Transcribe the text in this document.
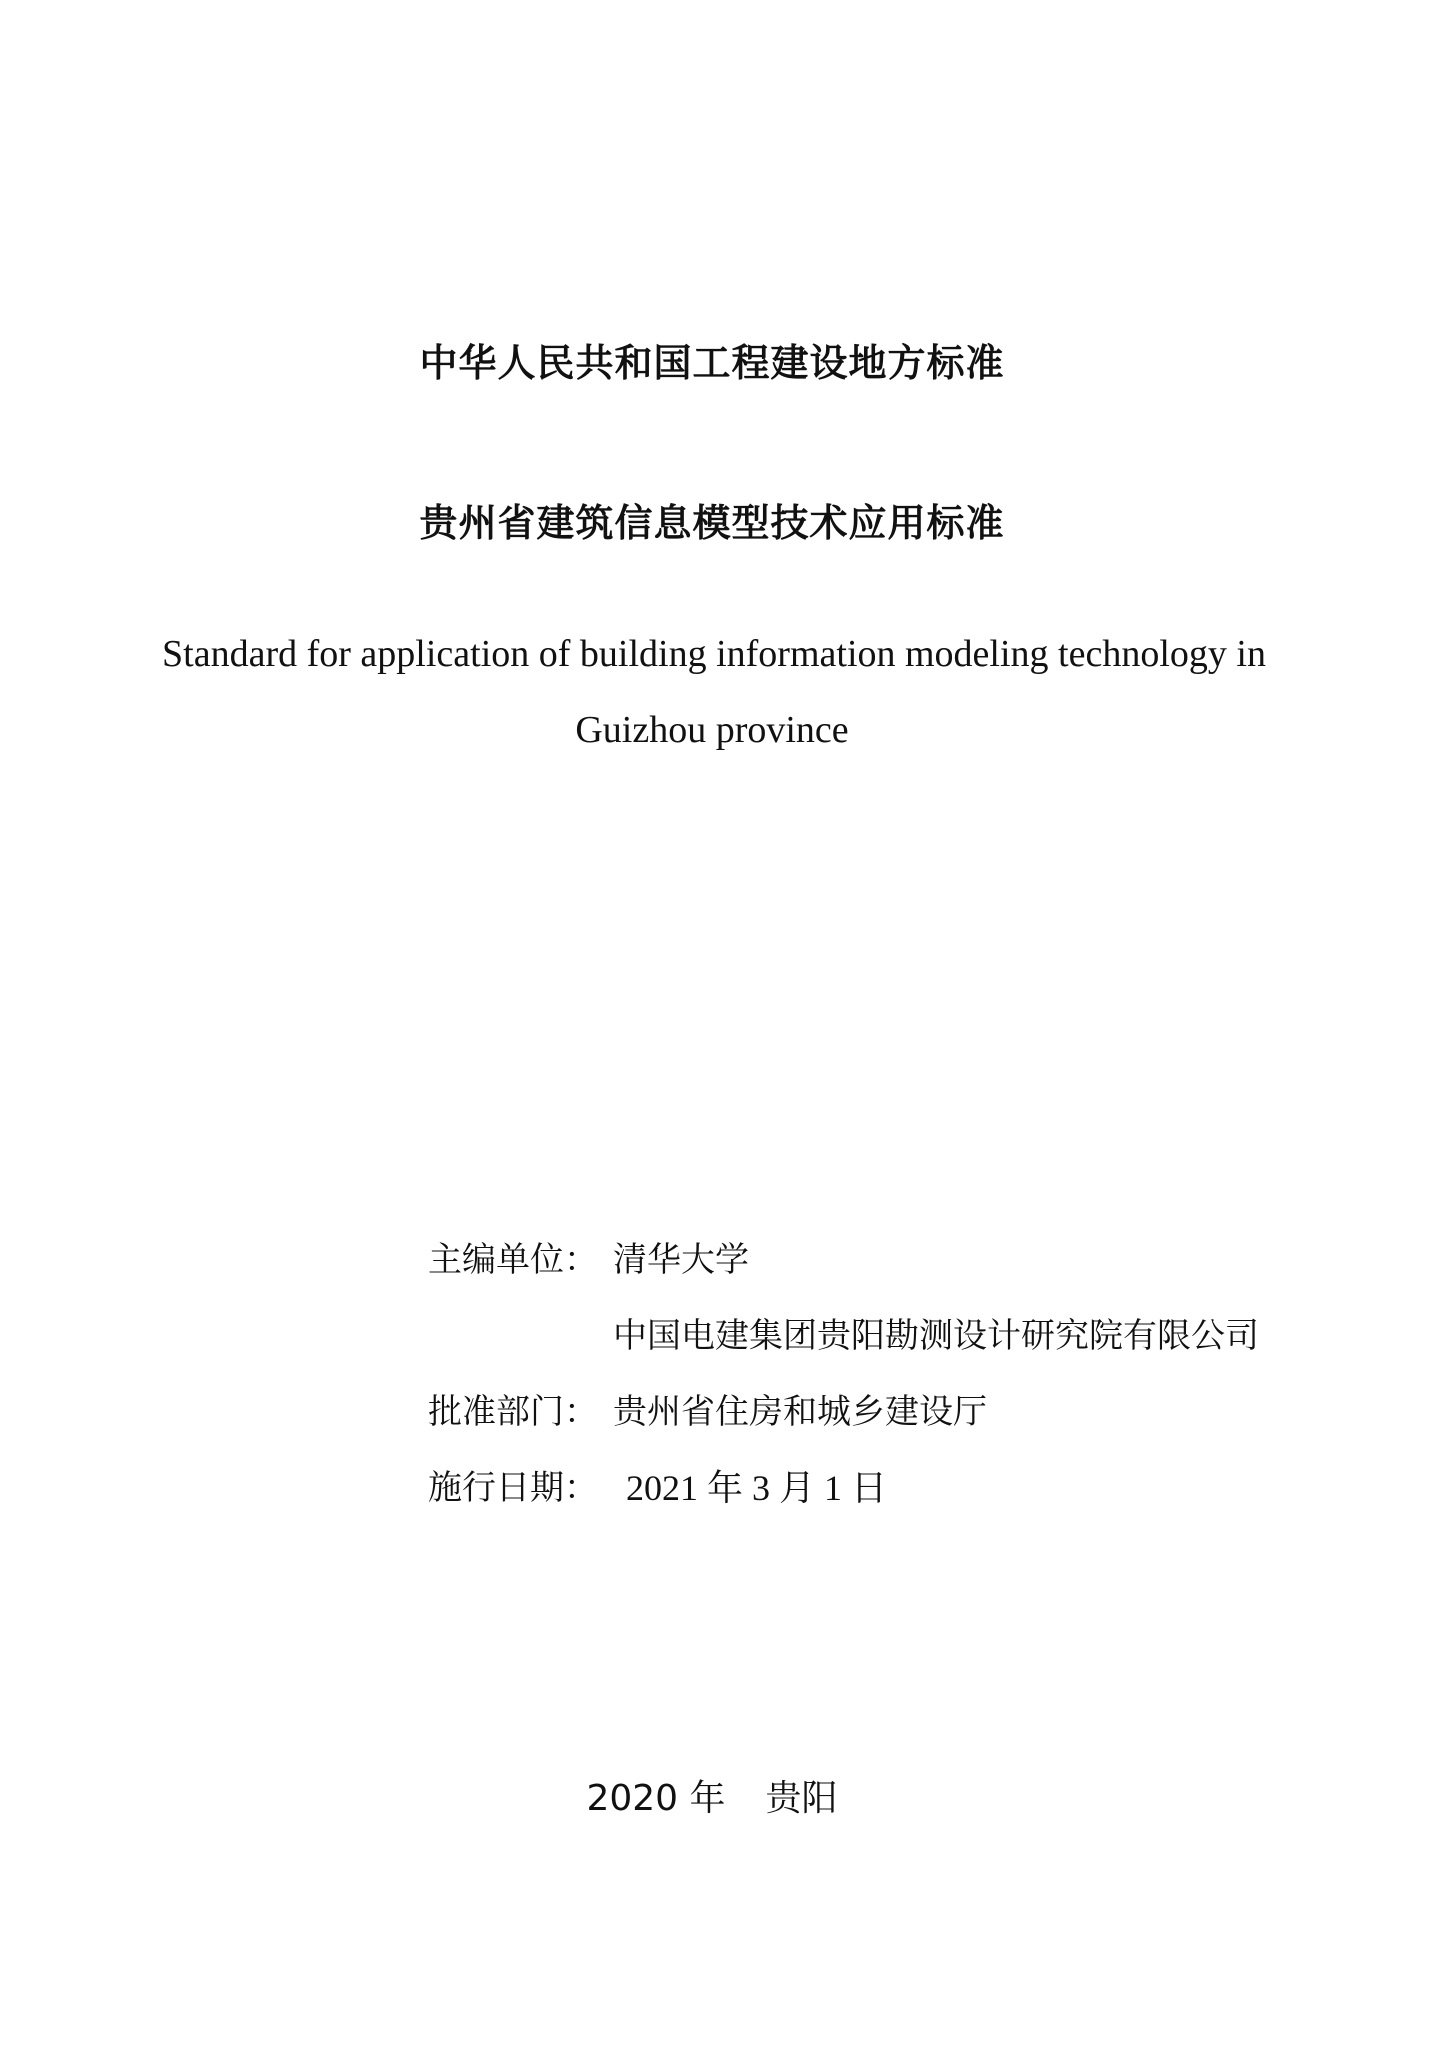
中华人民共和国工程建设地方标准
贵州省建筑信息模型技术应用标准
Standard for application of building information modeling technology in
Guizhou province
主编单位： 清华大学
中国电建集团贵阳勘测设计研究院有限公司
批准部门： 贵州省住房和城乡建设厅
施行日期： 2021 年 3 月 1 日
2020 年 贵阳
